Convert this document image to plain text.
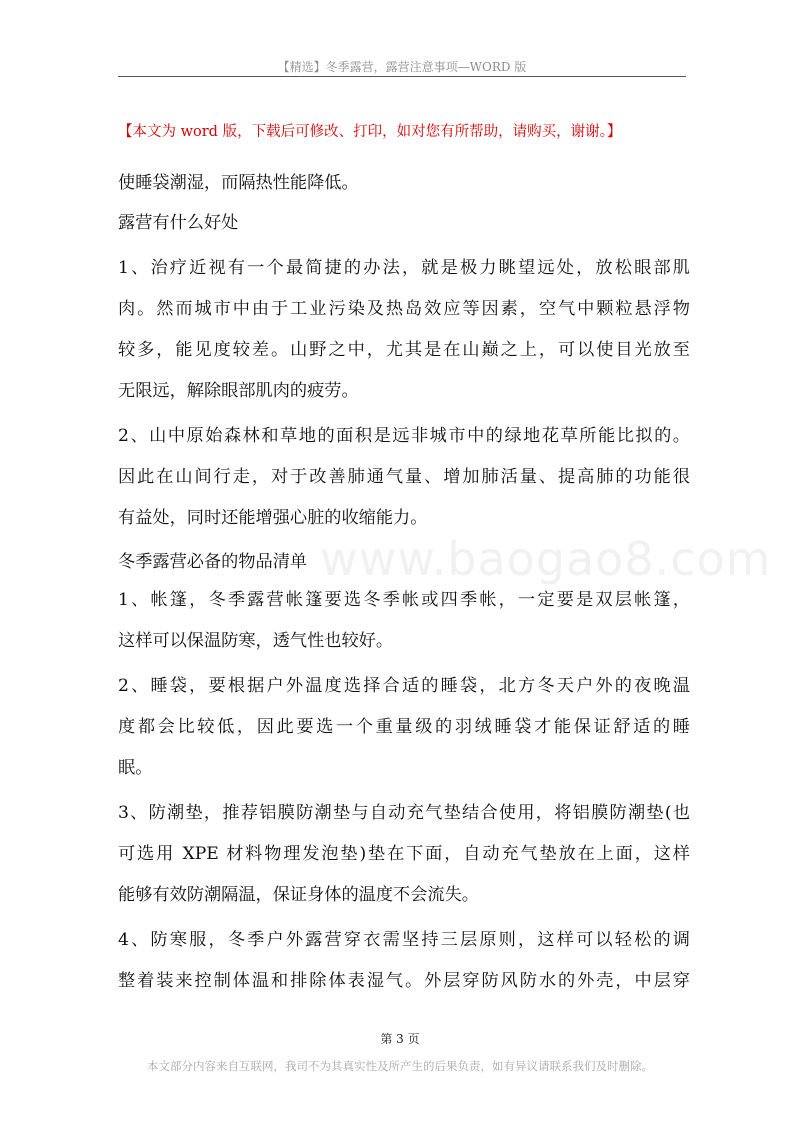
【精选】冬季露营，露营注意事项—WORD 版
【本文为 word 版，下载后可修改、打印，如对您有所帮助，请购买，谢谢。】
www.baogao8.com
使睡袋潮湿，而隔热性能降低。
露营有什么好处
1、治疗近视有一个最简捷的办法，就是极力眺望远处，放松眼部肌
肉。然而城市中由于工业污染及热岛效应等因素，空气中颗粒悬浮物
较多，能见度较差。山野之中，尤其是在山巅之上，可以使目光放至
无限远，解除眼部肌肉的疲劳。
2、山中原始森林和草地的面积是远非城市中的绿地花草所能比拟的。
因此在山间行走，对于改善肺通气量、增加肺活量、提高肺的功能很
有益处，同时还能增强心脏的收缩能力。
冬季露营必备的物品清单
1、帐篷，冬季露营帐篷要选冬季帐或四季帐，一定要是双层帐篷，
这样可以保温防寒，透气性也较好。
2、睡袋，要根据户外温度选择合适的睡袋，北方冬天户外的夜晚温
度都会比较低，因此要选一个重量级的羽绒睡袋才能保证舒适的睡
眠。
3、防潮垫，推荐铝膜防潮垫与自动充气垫结合使用，将铝膜防潮垫(也
可选用 XPE 材料物理发泡垫)垫在下面，自动充气垫放在上面，这样
能够有效防潮隔温，保证身体的温度不会流失。
4、防寒服，冬季户外露营穿衣需坚持三层原则，这样可以轻松的调
整着装来控制体温和排除体表湿气。外层穿防风防水的外壳，中层穿
第 3 页
本文部分内容来自互联网，我司不为其真实性及所产生的后果负责，如有异议请联系我们及时删除。
